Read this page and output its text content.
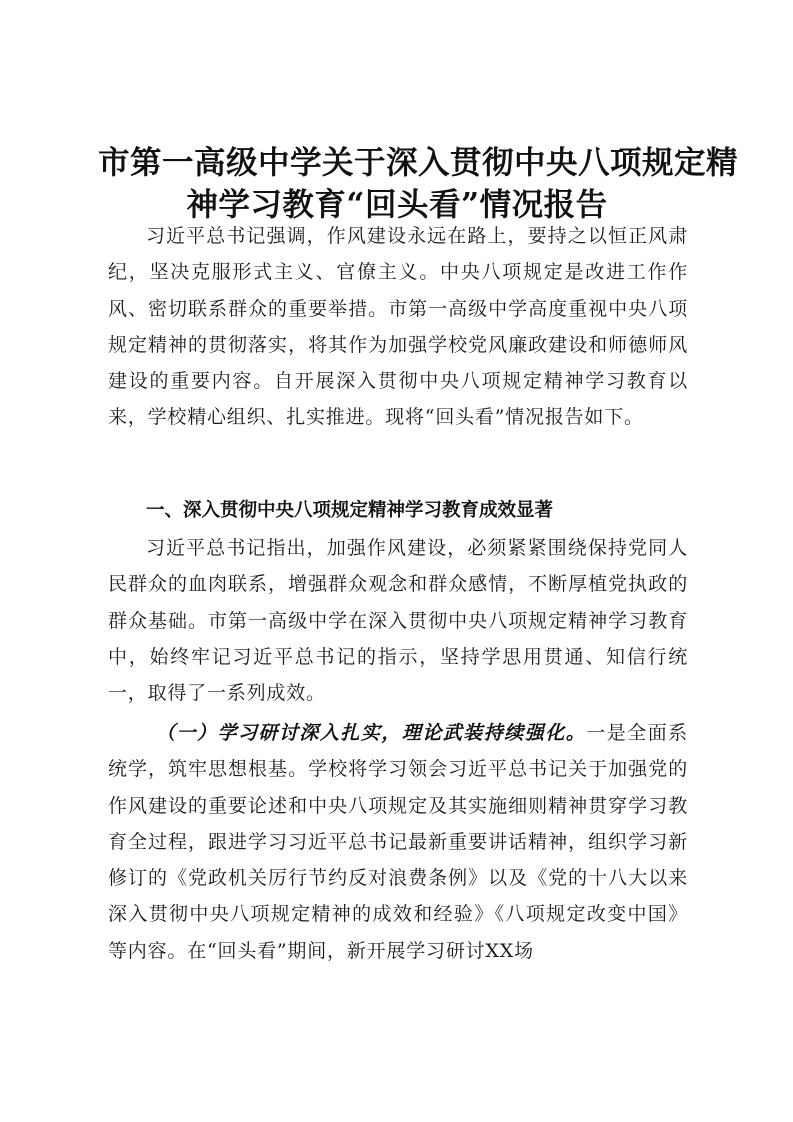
市第一高级中学关于深入贯彻中央八项规定精
神学习教育“回头看”情况报告

习近平总书记强调，作风建设永远在路上，要持之以恒正风肃纪，坚决克服形式主义、官僚主义。中央八项规定是改进工作作风、密切联系群众的重要举措。市第一高级中学高度重视中央八项规定精神的贯彻落实，将其作为加强学校党风廉政建设和师德师风建设的重要内容。自开展深入贯彻中央八项规定精神学习教育以来，学校精心组织、扎实推进。现将“回头看”情况报告如下。

一、深入贯彻中央八项规定精神学习教育成效显著

习近平总书记指出，加强作风建设，必须紧紧围绕保持党同人民群众的血肉联系，增强群众观念和群众感情，不断厚植党执政的群众基础。市第一高级中学在深入贯彻中央八项规定精神学习教育中，始终牢记习近平总书记的指示，坚持学思用贯通、知信行统一，取得了一系列成效。

（一）学习研讨深入扎实，理论武装持续强化。一是全面系统学，筑牢思想根基。学校将学习领会习近平总书记关于加强党的作风建设的重要论述和中央八项规定及其实施细则精神贯穿学习教育全过程，跟进学习习近平总书记最新重要讲话精神，组织学习新修订的《党政机关厉行节约反对浪费条例》以及《党的十八大以来深入贯彻中央八项规定精神的成效和经验》《八项规定改变中国》等内容。在“回头看”期间，新开展学习研讨XX场
